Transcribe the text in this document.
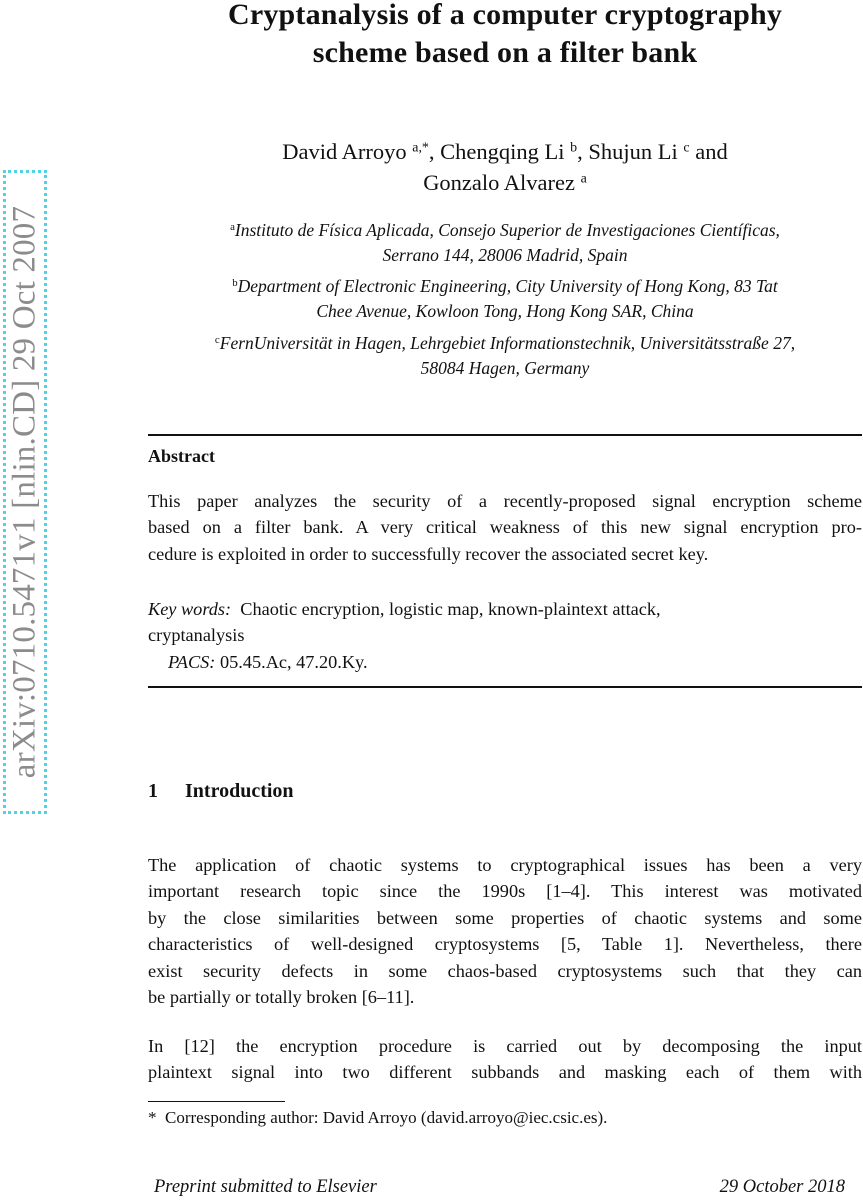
arXiv:0710.5471v1 [nlin.CD] 29 Oct 2007
Cryptanalysis of a computer cryptography
scheme based on a filter bank
David Arroyo $^{a,*}$, Chengqing Li $^b$, Shujun Li $^c$ and
Gonzalo Alvarez $^a$
$^a$Instituto de Física Aplicada, Consejo Superior de Investigaciones Científicas,
Serrano 144, 28006 Madrid, Spain
$^b$Department of Electronic Engineering, City University of Hong Kong, 83 Tat
Chee Avenue, Kowloon Tong, Hong Kong SAR, China
$^c$FernUniversität in Hagen, Lehrgebiet Informationstechnik, Universitätsstraße 27,
58084 Hagen, Germany
Abstract
This paper analyzes the security of a recently-proposed signal encryption scheme
based on a filter bank. A very critical weakness of this new signal encryption pro-
cedure is exploited in order to successfully recover the associated secret key.
Key words: Chaotic encryption, logistic map, known-plaintext attack,
cryptanalysis
PACS: 05.45.Ac, 47.20.Ky.
1 Introduction
The application of chaotic systems to cryptographical issues has been a very
important research topic since the 1990s [1–4]. This interest was motivated
by the close similarities between some properties of chaotic systems and some
characteristics of well-designed cryptosystems [5, Table 1]. Nevertheless, there
exist security defects in some chaos-based cryptosystems such that they can
be partially or totally broken [6–11].
In [12] the encryption procedure is carried out by decomposing the input
plaintext signal into two different subbands and masking each of them with
* Corresponding author: David Arroyo (david.arroyo@iec.csic.es).
Preprint submitted to Elsevier	29 October 2018
